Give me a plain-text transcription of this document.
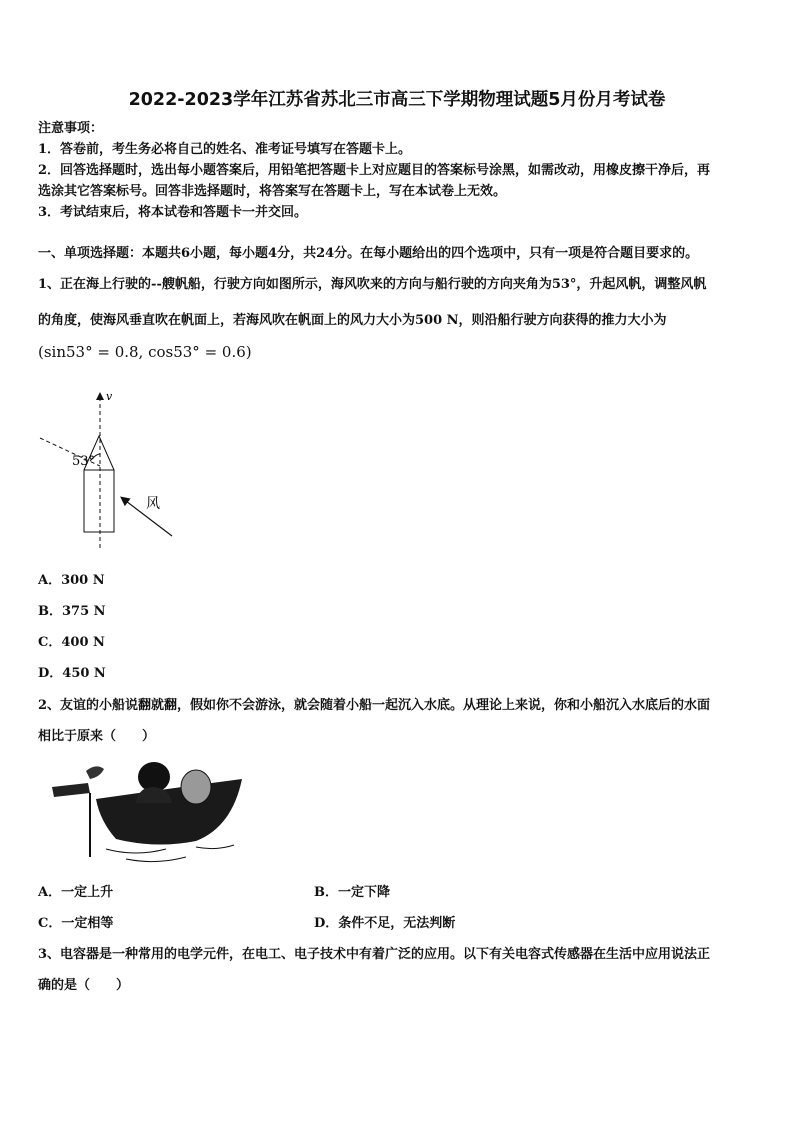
2022-2023学年江苏省苏北三市高三下学期物理试题5月份月考试卷
注意事项：
1．答卷前，考生务必将自己的姓名、准考证号填写在答题卡上。
2．回答选择题时，选出每小题答案后，用铅笔把答题卡上对应题目的答案标号涂黑，如需改动，用橡皮擦干净后，再
选涂其它答案标号。回答非选择题时，将答案写在答题卡上，写在本试卷上无效。
3．考试结束后，将本试卷和答题卡一并交回。
一、单项选择题：本题共6小题，每小题4分，共24分。在每小题给出的四个选项中，只有一项是符合题目要求的。
1、正在海上行驶的--艘帆船，行驶方向如图所示，海风吹来的方向与船行驶的方向夹角为53°，升起风帆，调整风帆
的角度，使海风垂直吹在帆面上，若海风吹在帆面上的风力大小为500 N，则沿船行驶方向获得的推力大小为
(sin53° = 0.8, cos53° = 0.6)
v
53°
风
A．300 N
B．375 N
C．400 N
D．450 N
2、友谊的小船说翻就翻，假如你不会游泳，就会随着小船一起沉入水底。从理论上来说，你和小船沉入水底后的水面
相比于原来（　　）
A．一定上升	B．一定下降
C．一定相等	D．条件不足，无法判断
3、电容器是一种常用的电学元件，在电工、电子技术中有着广泛的应用。以下有关电容式传感器在生活中应用说法正
确的是（　　）
